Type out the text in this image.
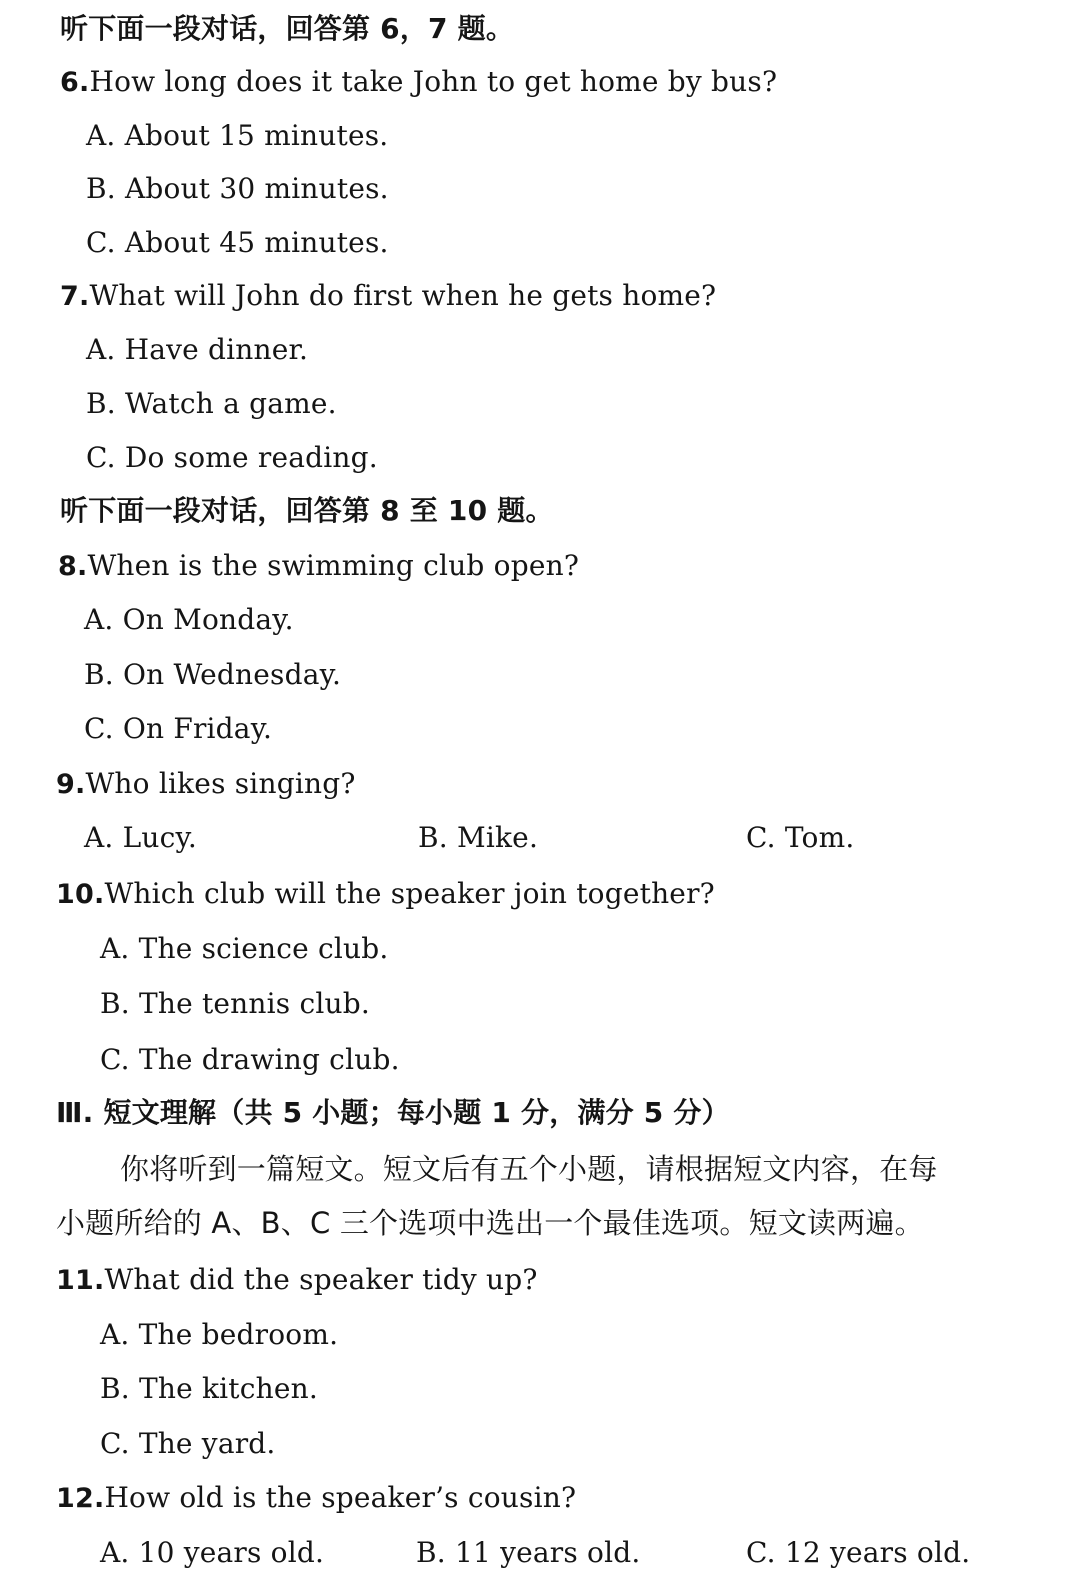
听下面一段对话，回答第 6，7 题。
6.How long does it take John to get home by bus?
A. About 15 minutes.
B. About 30 minutes.
C. About 45 minutes.
7.What will John do first when he gets home?
A. Have dinner.
B. Watch a game.
C. Do some reading.
听下面一段对话，回答第 8 至 10 题。
8.When is the swimming club open?
A. On Monday.
B. On Wednesday.
C. On Friday.
9.Who likes singing?
A. Lucy.	B. Mike.	C. Tom.
10.Which club will the speaker join together?
A. The science club.
B. The tennis club.
C. The drawing club.
Ⅲ. 短文理解（共 5 小题；每小题 1 分，满分 5 分）
你将听到一篇短文。短文后有五个小题，请根据短文内容，在每
小题所给的 A、B、C 三个选项中选出一个最佳选项。短文读两遍。
11.What did the speaker tidy up?
A. The bedroom.
B. The kitchen.
C. The yard.
12.How old is the speaker’s cousin?
A. 10 years old.	B. 11 years old.	C. 12 years old.
